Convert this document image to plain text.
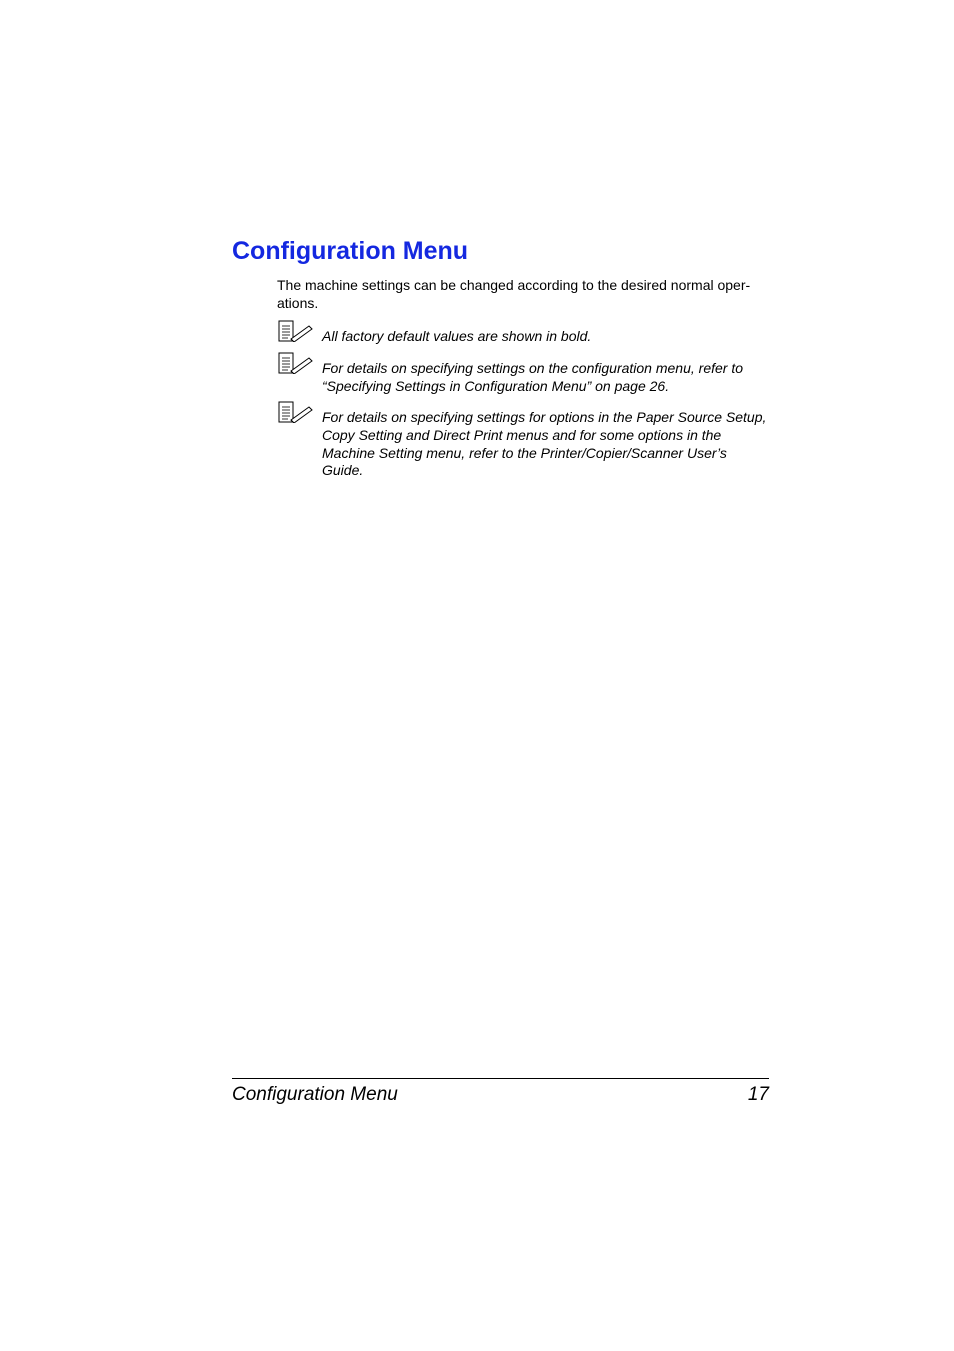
Configuration Menu

The machine settings can be changed according to the desired normal oper-
ations.

All factory default values are shown in bold.

For details on specifying settings on the configuration menu, refer to “Specifying Settings in Configuration Menu” on page 26.

For details on specifying settings for options in the Paper Source Setup, Copy Setting and Direct Print menus and for some options in the Machine Setting menu, refer to the Printer/Copier/Scanner User’s Guide.

Configuration Menu	17
